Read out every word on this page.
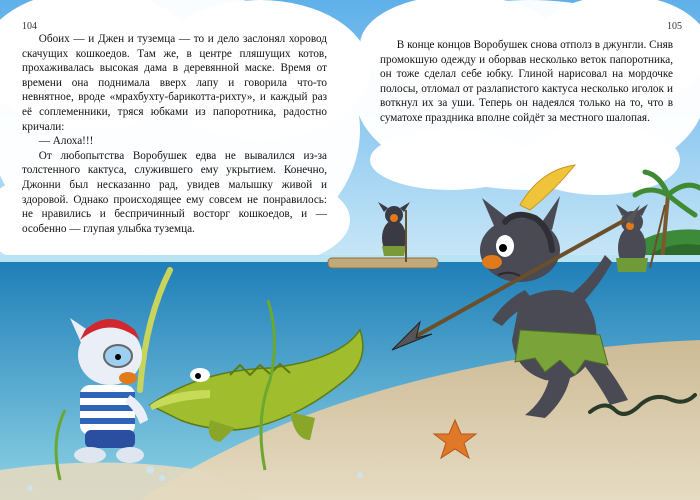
104	105

Обоих — и Джен и туземца — то и дело заслонял хоровод скачущих кошкоедов. Там же, в центре пляшущих котов, прохаживалась высокая дама в деревянной маске. Время от времени она поднимала вверх лапу и говорила что-то невнятное, вроде «мрахбухту-барикотта-рихту», и каждый раз её соплеменники, тряся юбками из папоротника, радостно кричали:

— Алоха!!!

От любопытства Воробушек едва не вывалился из-за толстенного кактуса, служившего ему укрытием. Конечно, Джонни был несказанно рад, увидев малышку живой и здоровой. Однако происходящее ему совсем не понравилось: не нравились и беспричинный восторг кошкоедов, и — особенно — глупая улыбка туземца.

В конце концов Воробушек снова отполз в джунгли. Сняв промокшую одежду и оборвав несколько веток папоротника, он тоже сделал себе юбку. Глиной нарисовал на мордочке полосы, отломал от разлапистого кактуса несколько иголок и воткнул их за уши. Теперь он надеялся только на то, что в суматохе праздника вполне сойдёт за местного шалопая.
